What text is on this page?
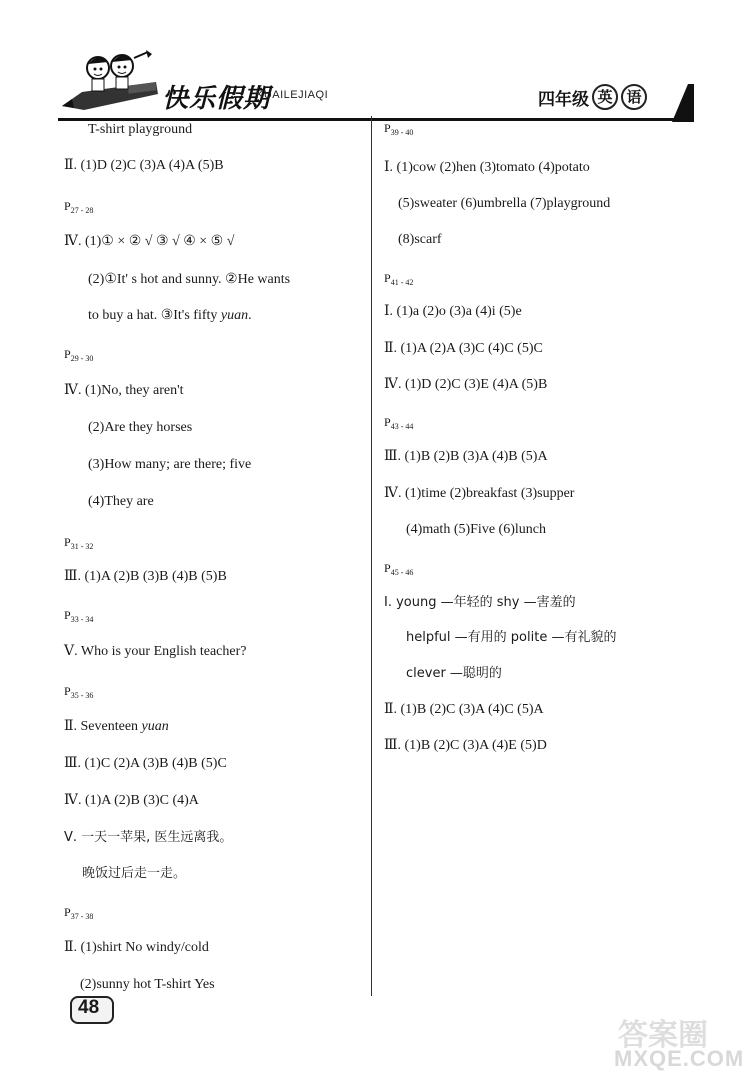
快乐假期
KUAILEJIAQI	四年级 英 语
T-shirt playground
Ⅱ. (1)D (2)C (3)A (4)A (5)B
$P_{27 - 28}$
Ⅳ. (1)① × ② √ ③ √ ④ × ⑤ √
(2)①It' s hot and sunny. ②He wants
to buy a hat. ③It's fifty yuan.
$P_{29 - 30}$
Ⅳ. (1)No, they aren't
(2)Are they horses
(3)How many; are there; five
(4)They are
$P_{31 - 32}$
Ⅲ. (1)A (2)B (3)B (4)B (5)B
$P_{33 - 34}$
Ⅴ. Who is your English teacher?
$P_{35 - 36}$
Ⅱ. Seventeen yuan
Ⅲ. (1)C (2)A (3)B (4)B (5)C
Ⅳ. (1)A (2)B (3)C (4)A
Ⅴ. 一天一苹果, 医生远离我。
晚饭过后走一走。
$P_{37 - 38}$
Ⅱ. (1)shirt No windy/cold
(2)sunny hot T-shirt Yes
$P_{39 - 40}$
Ⅰ. (1)cow (2)hen (3)tomato (4)potato
(5)sweater (6)umbrella (7)playground
(8)scarf
$P_{41 - 42}$
Ⅰ. (1)a (2)o (3)a (4)i (5)e
Ⅱ. (1)A (2)A (3)C (4)C (5)C
Ⅳ. (1)D (2)C (3)E (4)A (5)B
$P_{43 - 44}$
Ⅲ. (1)B (2)B (3)A (4)B (5)A
Ⅳ. (1)time (2)breakfast (3)supper
(4)math (5)Five (6)lunch
$P_{45 - 46}$
Ⅰ. young —年轻的 shy —害羞的
helpful —有用的 polite —有礼貌的
clever —聪明的
Ⅱ. (1)B (2)C (3)A (4)C (5)A
Ⅲ. (1)B (2)C (3)A (4)E (5)D
48
答案圈
MXQE.COM
